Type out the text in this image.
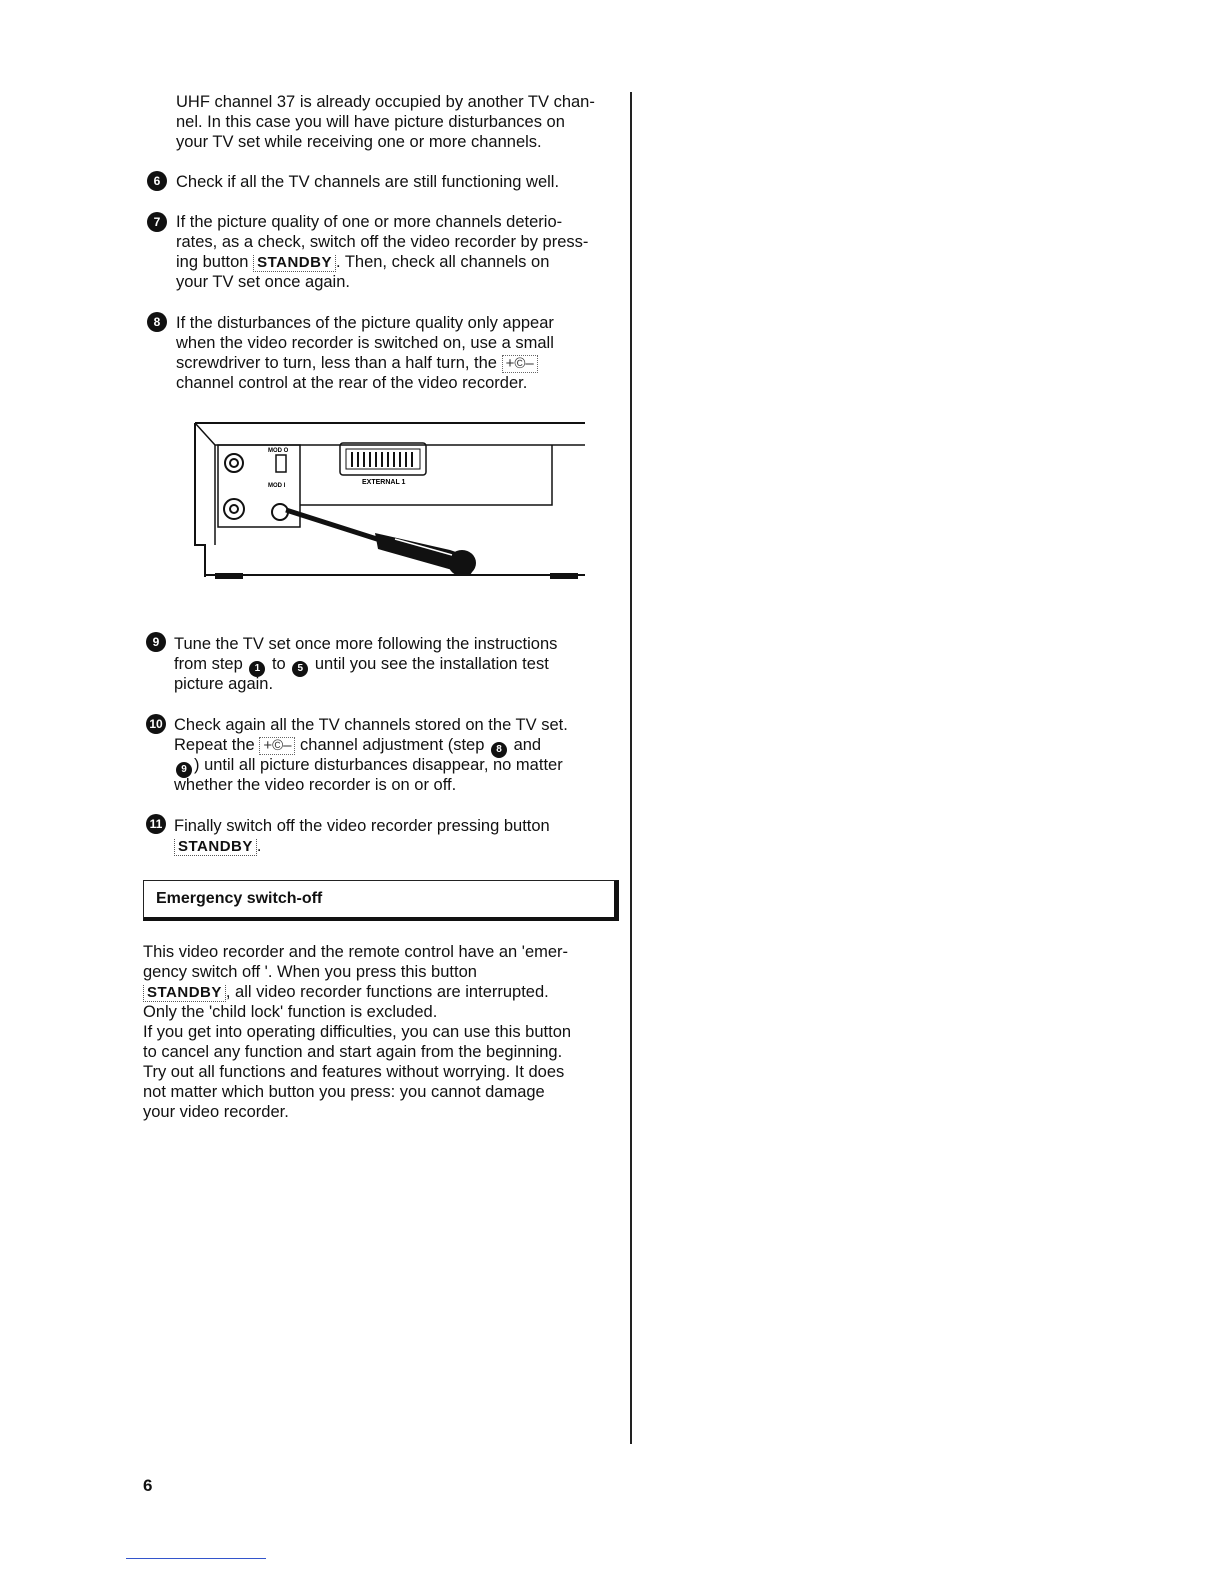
UHF channel 37 is already occupied by another TV chan-
nel. In this case you will have picture disturbances on
your TV set while receiving one or more channels.
6 Check if all the TV channels are still functioning well.
7 If the picture quality of one or more channels deterio-
rates, as a check, switch off the video recorder by press-
ing button STANDBY . Then, check all channels on
your TV set once again.
8 If the disturbances of the picture quality only appear
when the video recorder is switched on, use a small
screwdriver to turn, less than a half turn, the +©–
channel control at the rear of the video recorder.
EXTERNAL 1
MOD O
MOD I
9 Tune the TV set once more following the instructions
from step 1 to 5 until you see the installation test
picture again.
10 Check again all the TV channels stored on the TV set.
Repeat the +©– channel adjustment (step 8 and
9 ) until all picture disturbances disappear, no matter
whether the video recorder is on or off.
11 Finally switch off the video recorder pressing button
STANDBY .
Emergency switch-off
This video recorder and the remote control have an 'emer-
gency switch off '. When you press this button
STANDBY , all video recorder functions are interrupted.
Only the 'child lock' function is excluded.
If you get into operating difficulties, you can use this button
to cancel any function and start again from the beginning.
Try out all functions and features without worrying. It does
not matter which button you press: you cannot damage
your video recorder.
6
